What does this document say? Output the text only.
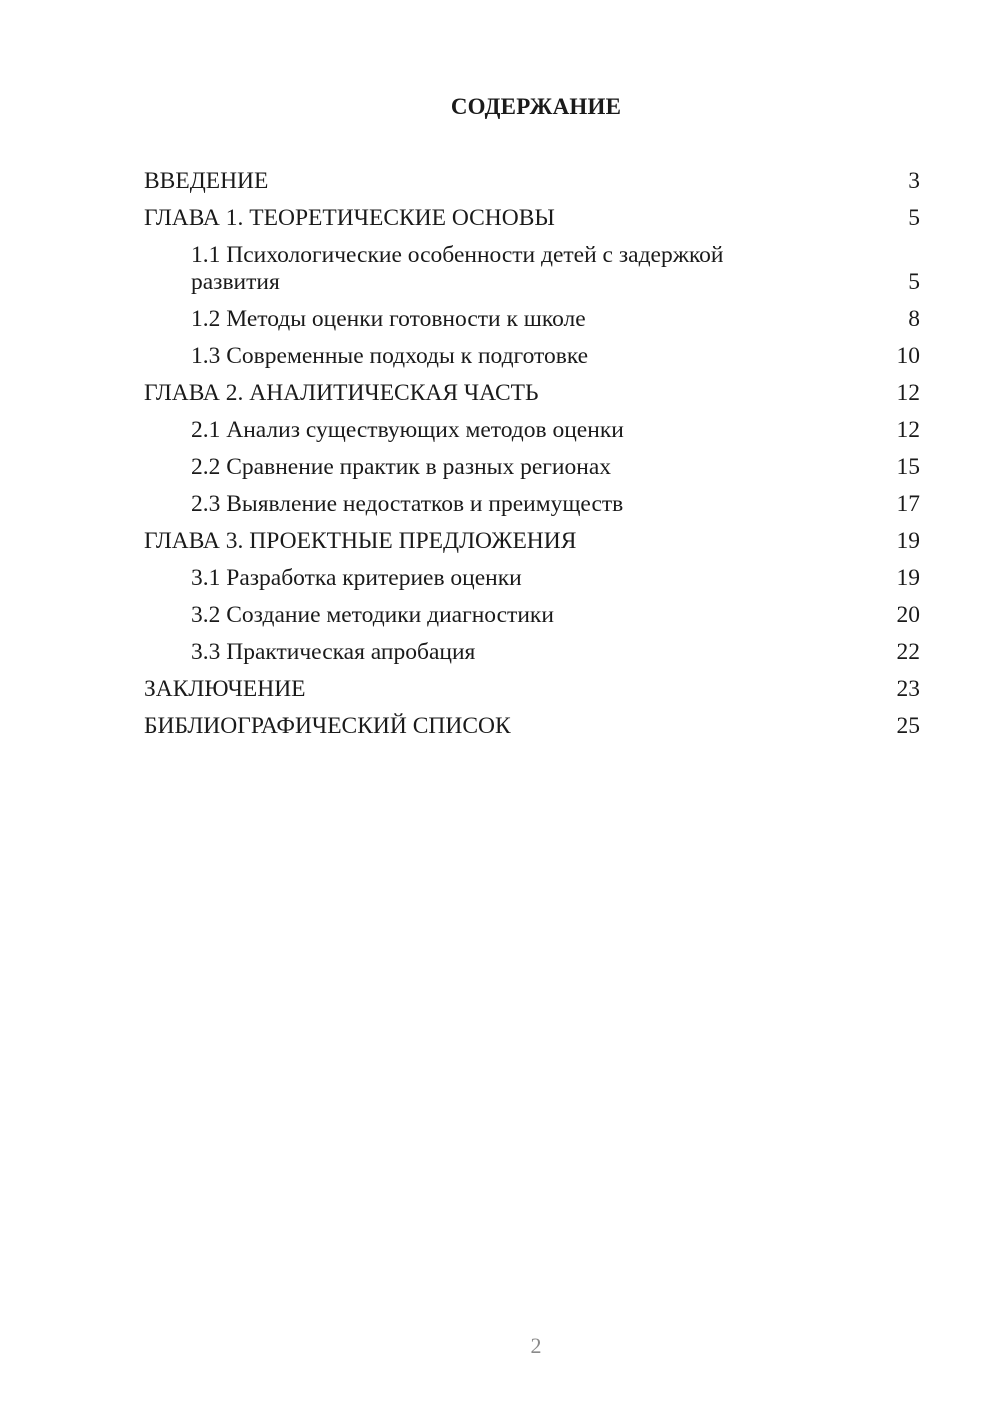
СОДЕРЖАНИЕ
ВВЕДЕНИЕ	3
ГЛАВА 1. ТЕОРЕТИЧЕСКИЕ ОСНОВЫ	5
1.1 Психологические особенности детей с задержкой развития	5
1.2 Методы оценки готовности к школе	8
1.3 Современные подходы к подготовке	10
ГЛАВА 2. АНАЛИТИЧЕСКАЯ ЧАСТЬ	12
2.1 Анализ существующих методов оценки	12
2.2 Сравнение практик в разных регионах	15
2.3 Выявление недостатков и преимуществ	17
ГЛАВА 3. ПРОЕКТНЫЕ ПРЕДЛОЖЕНИЯ	19
3.1 Разработка критериев оценки	19
3.2 Создание методики диагностики	20
3.3 Практическая апробация	22
ЗАКЛЮЧЕНИЕ	23
БИБЛИОГРАФИЧЕСКИЙ СПИСОК	25
2
